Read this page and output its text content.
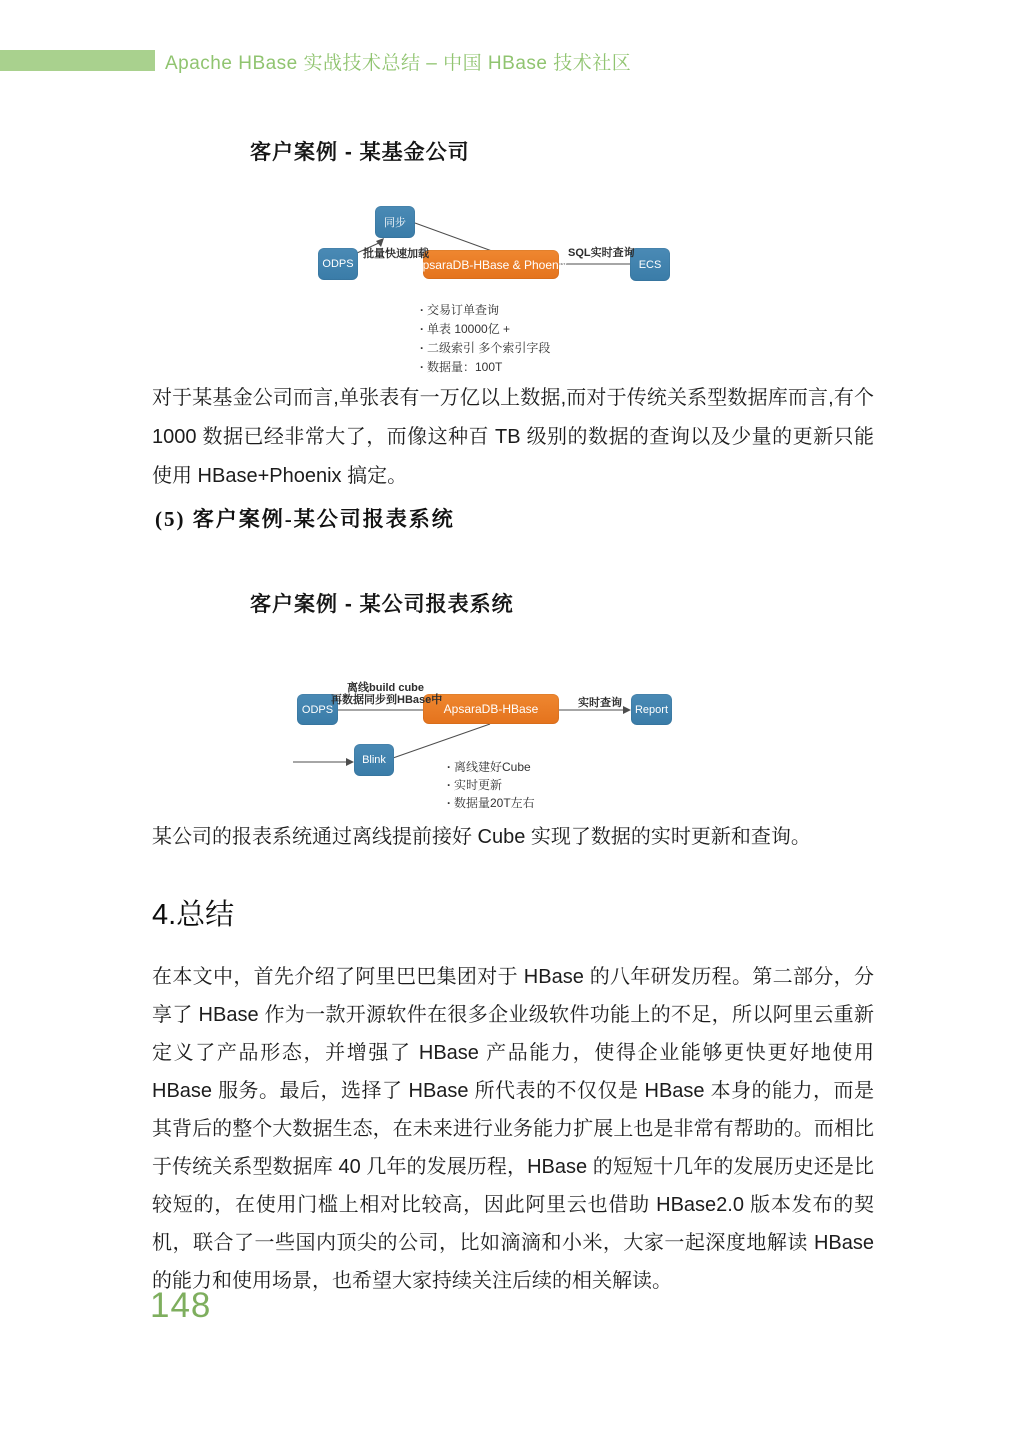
Apache HBase 实战技术总结 – 中国 HBase 技术社区
客户案例 - 某基金公司
同步
ODPS	ApsaraDB-HBase & Phoenix	ECS
批量快速加载	SQL实时查询
· 交易订单查询
· 单表 10000亿 +
· 二级索引 多个索引字段
· 数据量：100T
对于某基金公司而言,单张表有一万亿以上数据,而对于传统关系型数据库而言,有个 1000 数据已经非常大了，而像这种百 TB 级别的数据的查询以及少量的更新只能使用 HBase+Phoenix 搞定。
(5) 客户案例-某公司报表系统
客户案例 - 某公司报表系统
ODPS	ApsaraDB-HBase	Report
Blink
离线build cube
再数据同步到HBase中	实时查询
· 离线建好Cube
· 实时更新
· 数据量20T左右
某公司的报表系统通过离线提前接好 Cube 实现了数据的实时更新和查询。
4.总结
在本文中，首先介绍了阿里巴巴集团对于 HBase 的八年研发历程。第二部分，分享了 HBase 作为一款开源软件在很多企业级软件功能上的不足，所以阿里云重新定义了产品形态，并增强了 HBase 产品能力，使得企业能够更快更好地使用 HBase 服务。最后，选择了 HBase 所代表的不仅仅是 HBase 本身的能力，而是其背后的整个大数据生态，在未来进行业务能力扩展上也是非常有帮助的。而相比于传统关系型数据库 40 几年的发展历程，HBase 的短短十几年的发展历史还是比较短的，在使用门槛上相对比较高，因此阿里云也借助 HBase2.0 版本发布的契机，联合了一些国内顶尖的公司，比如滴滴和小米，大家一起深度地解读 HBase 的能力和使用场景，也希望大家持续关注后续的相关解读。
148
